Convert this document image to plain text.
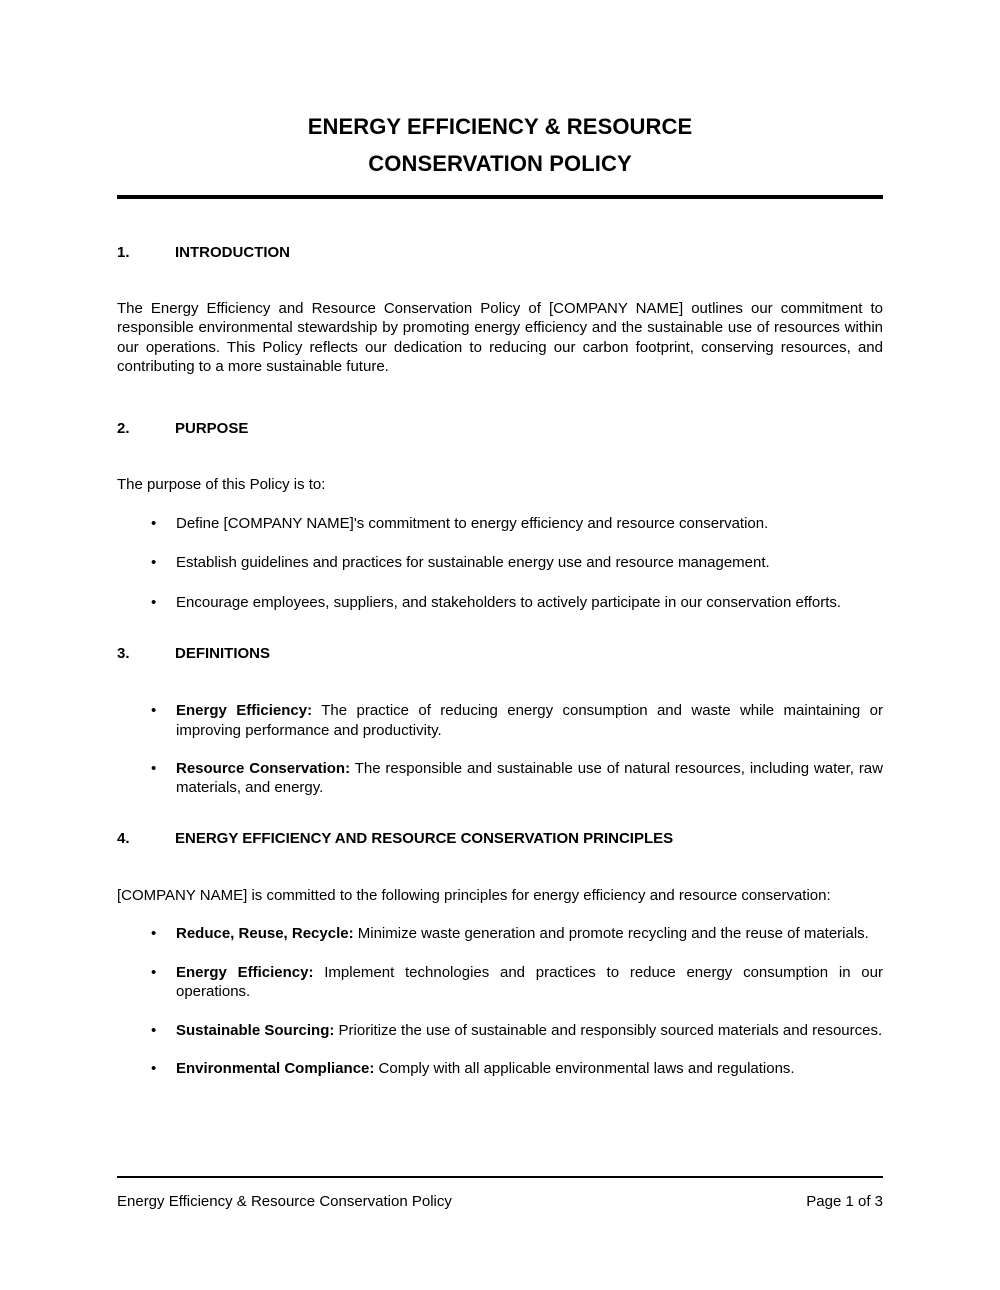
ENERGY EFFICIENCY & RESOURCE
CONSERVATION POLICY
1.	INTRODUCTION

The Energy Efficiency and Resource Conservation Policy of [COMPANY NAME] outlines our commitment to responsible environmental stewardship by promoting energy efficiency and the sustainable use of resources within our operations. This Policy reflects our dedication to reducing our carbon footprint, conserving resources, and contributing to a more sustainable future.

2.	PURPOSE

The purpose of this Policy is to:

• Define [COMPANY NAME]'s commitment to energy efficiency and resource conservation.
• Establish guidelines and practices for sustainable energy use and resource management.
• Encourage employees, suppliers, and stakeholders to actively participate in our conservation efforts.
3.	DEFINITIONS
• Energy Efficiency: The practice of reducing energy consumption and waste while maintaining or improving performance and productivity.
• Resource Conservation: The responsible and sustainable use of natural resources, including water, raw materials, and energy.
4.	ENERGY EFFICIENCY AND RESOURCE CONSERVATION PRINCIPLES

[COMPANY NAME] is committed to the following principles for energy efficiency and resource conservation:

• Reduce, Reuse, Recycle: Minimize waste generation and promote recycling and the reuse of materials.
• Energy Efficiency: Implement technologies and practices to reduce energy consumption in our operations.
• Sustainable Sourcing: Prioritize the use of sustainable and responsibly sourced materials and resources.
• Environmental Compliance: Comply with all applicable environmental laws and regulations.
Energy Efficiency & Resource Conservation Policy	Page 1 of 3
